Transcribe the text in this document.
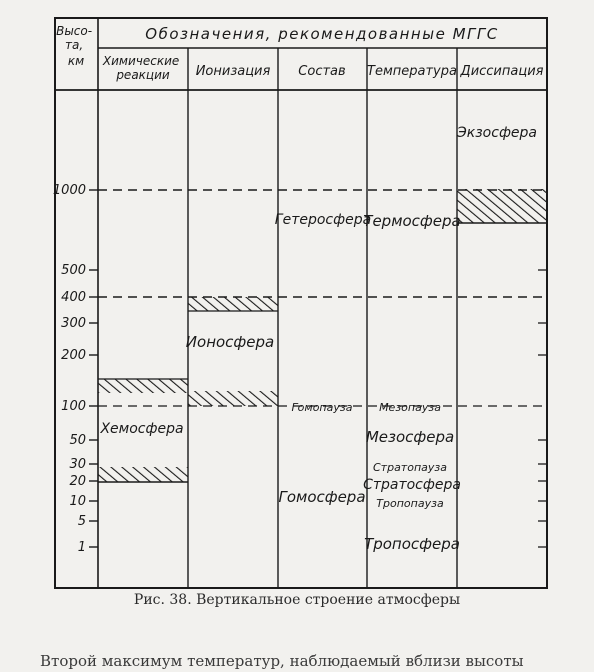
Высо- та, км
Обозначения, рекомендованные МГГС
Химические реакции	Ионизация Состав Температура Диссипация
1000
500
400
300
200
100
50
30
20
10
5
1
Экзосфера
Гетеросфера
Термосфера
Ионосфера
Хемосфера
Гомопауза Мезопауза
Мезосфера
Стратопауза
Стратосфера
Тропопауза
Гомосфера
Тропосфера
Рис. 38. Вертикальное строение атмосферы
Второй максимум температур, наблюдаемый вблизи высоты
